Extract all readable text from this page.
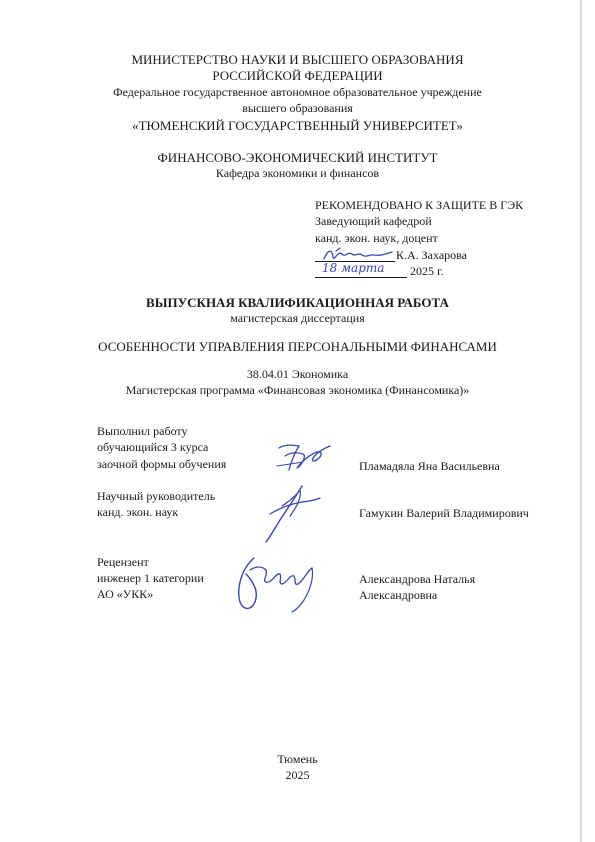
МИНИСТЕРСТВО НАУКИ И ВЫСШЕГО ОБРАЗОВАНИЯ
РОССИЙСКОЙ ФЕДЕРАЦИИ
Федеральное государственное автономное образовательное учреждение
высшего образования
«ТЮМЕНСКИЙ ГОСУДАРСТВЕННЫЙ УНИВЕРСИТЕТ»
ФИНАНСОВО-ЭКОНОМИЧЕСКИЙ ИНСТИТУТ
Кафедра экономики и финансов
РЕКОМЕНДОВАНО К ЗАЩИТЕ В ГЭК
Заведующий кафедрой
канд. экон. наук, доцент
К.А. Захарова
18 марта 2025 г.
ВЫПУСКНАЯ КВАЛИФИКАЦИОННАЯ РАБОТА
магистерская диссертация
ОСОБЕННОСТИ УПРАВЛЕНИЯ ПЕРСОНАЛЬНЫМИ ФИНАНСАМИ
38.04.01 Экономика
Магистерская программа «Финансовая экономика (Финансомика)»
Выполнил работу
обучающийся 3 курса
заочной формы обучения	Пламадяла Яна Васильевна
Научный руководитель
канд. экон. наук	Гамукин Валерий Владимирович
Рецензент
инженер 1 категории
АО «УКК»
Александрова Наталья
Александровна
Тюмень
2025
